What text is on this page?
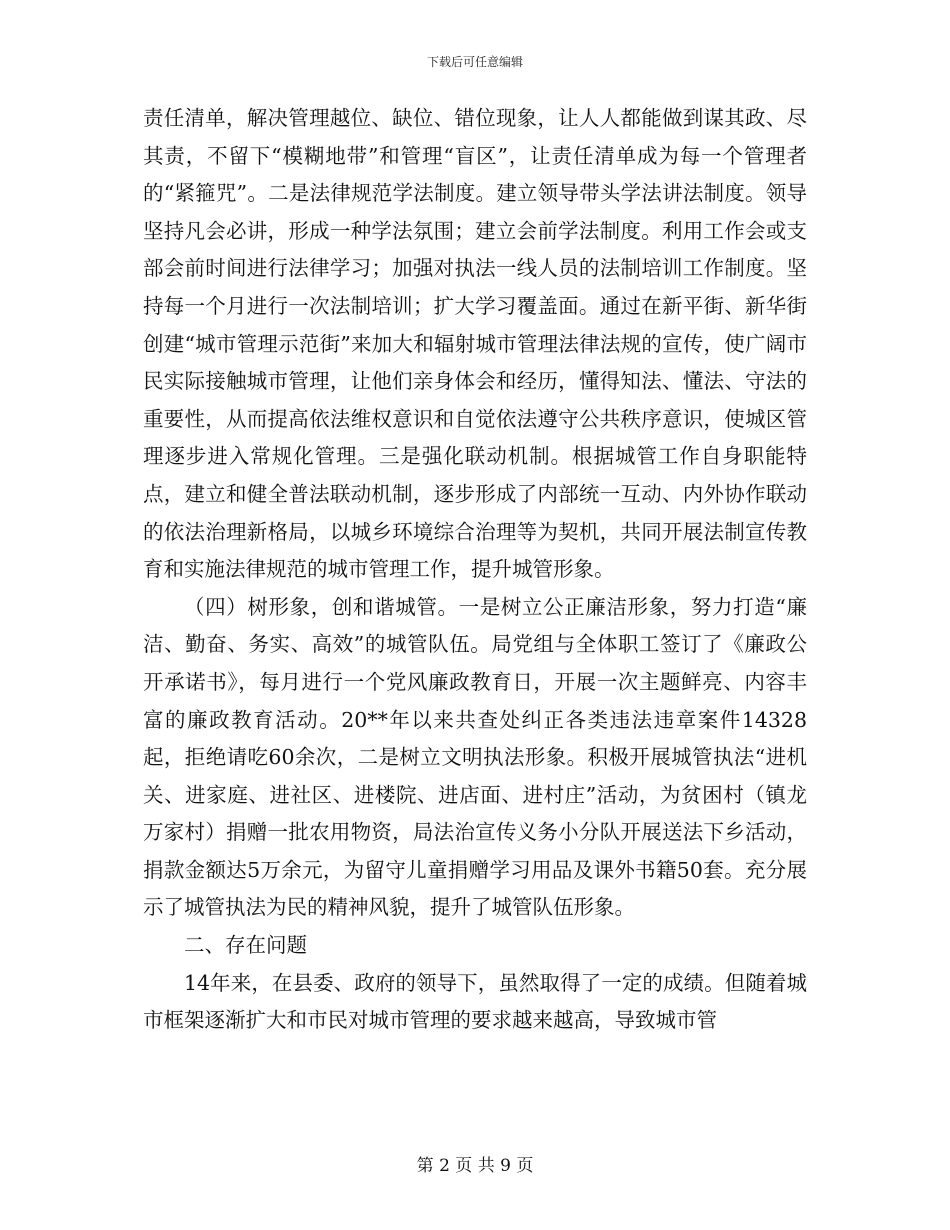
下载后可任意编辑

责任清单，解决管理越位、缺位、错位现象，让人人都能做到谋其政、尽其责，不留下“模糊地带”和管理“盲区”，让责任清单成为每一个管理者的“紧箍咒”。二是法律规范学法制度。建立领导带头学法讲法制度。领导坚持凡会必讲，形成一种学法氛围；建立会前学法制度。利用工作会或支部会前时间进行法律学习；加强对执法一线人员的法制培训工作制度。坚持每一个月进行一次法制培训；扩大学习覆盖面。通过在新平街、新华街创建“城市管理示范街”来加大和辐射城市管理法律法规的宣传，使广阔市民实际接触城市管理，让他们亲身体会和经历，懂得知法、懂法、守法的重要性，从而提高依法维权意识和自觉依法遵守公共秩序意识，使城区管理逐步进入常规化管理。三是强化联动机制。根据城管工作自身职能特点，建立和健全普法联动机制，逐步形成了内部统一互动、内外协作联动的依法治理新格局，以城乡环境综合治理等为契机，共同开展法制宣传教育和实施法律规范的城市管理工作，提升城管形象。

（四）树形象，创和谐城管。一是树立公正廉洁形象，努力打造“廉洁、勤奋、务实、高效”的城管队伍。局党组与全体职工签订了《廉政公开承诺书》，每月进行一个党风廉政教育日，开展一次主题鲜亮、内容丰富的廉政教育活动。20**年以来共查处纠正各类违法违章案件14328起，拒绝请吃60余次，二是树立文明执法形象。积极开展城管执法“进机关、进家庭、进社区、进楼院、进店面、进村庄”活动，为贫困村（镇龙万家村）捐赠一批农用物资，局法治宣传义务小分队开展送法下乡活动，捐款金额达5万余元，为留守儿童捐赠学习用品及课外书籍50套。充分展示了城管执法为民的精神风貌，提升了城管队伍形象。

二、存在问题

14年来，在县委、政府的领导下，虽然取得了一定的成绩。但随着城市框架逐渐扩大和市民对城市管理的要求越来越高，导致城市管

第 2 页 共 9 页
